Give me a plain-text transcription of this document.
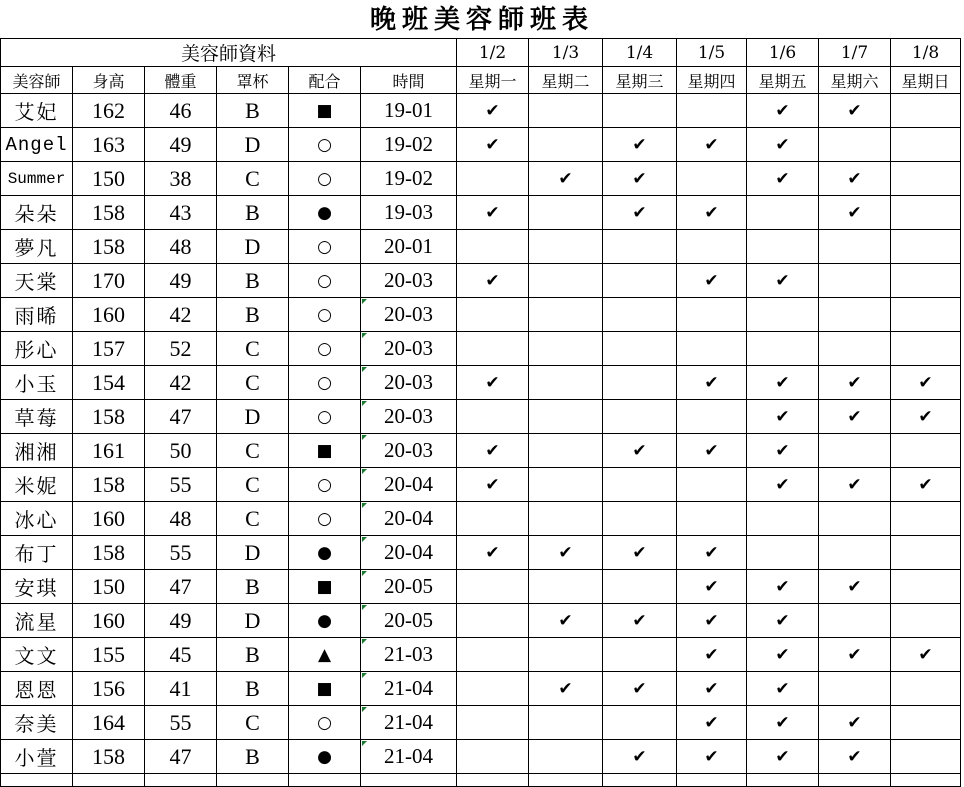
晚班美容師班表
美容師資料						1/2	1/3	1/4	1/5	1/6	1/7	1/8
美容師	身高	體重	罩杯	配合	時間	星期一	星期二	星期三	星期四	星期五	星期六	星期日
艾妃	162	46	B	■	19-01	✔				✔	✔	
Angel	163	49	D	○	19-02	✔		✔	✔	✔		
Summer	150	38	C	○	19-02		✔	✔		✔	✔	
朵朵	158	43	B	●	19-03	✔		✔	✔		✔	
夢凡	158	48	D	○	20-01							
天棠	170	49	B	○	20-03	✔			✔	✔		
雨晞	160	42	B	○	20-03							
彤心	157	52	C	○	20-03							
小玉	154	42	C	○	20-03	✔			✔	✔	✔	✔
草莓	158	47	D	○	20-03					✔	✔	✔
湘湘	161	50	C	■	20-03	✔		✔	✔	✔		
米妮	158	55	C	○	20-04	✔				✔	✔	✔
冰心	160	48	C	○	20-04							
布丁	158	55	D	●	20-04	✔	✔	✔	✔			
安琪	150	47	B	■	20-05				✔	✔	✔	
流星	160	49	D	●	20-05		✔	✔	✔	✔		
文文	155	45	B	▲	21-03				✔	✔	✔	✔
恩恩	156	41	B	■	21-04		✔	✔	✔	✔		
奈美	164	55	C	○	21-04				✔	✔	✔	
小萱	158	47	B	●	21-04			✔	✔	✔	✔	
